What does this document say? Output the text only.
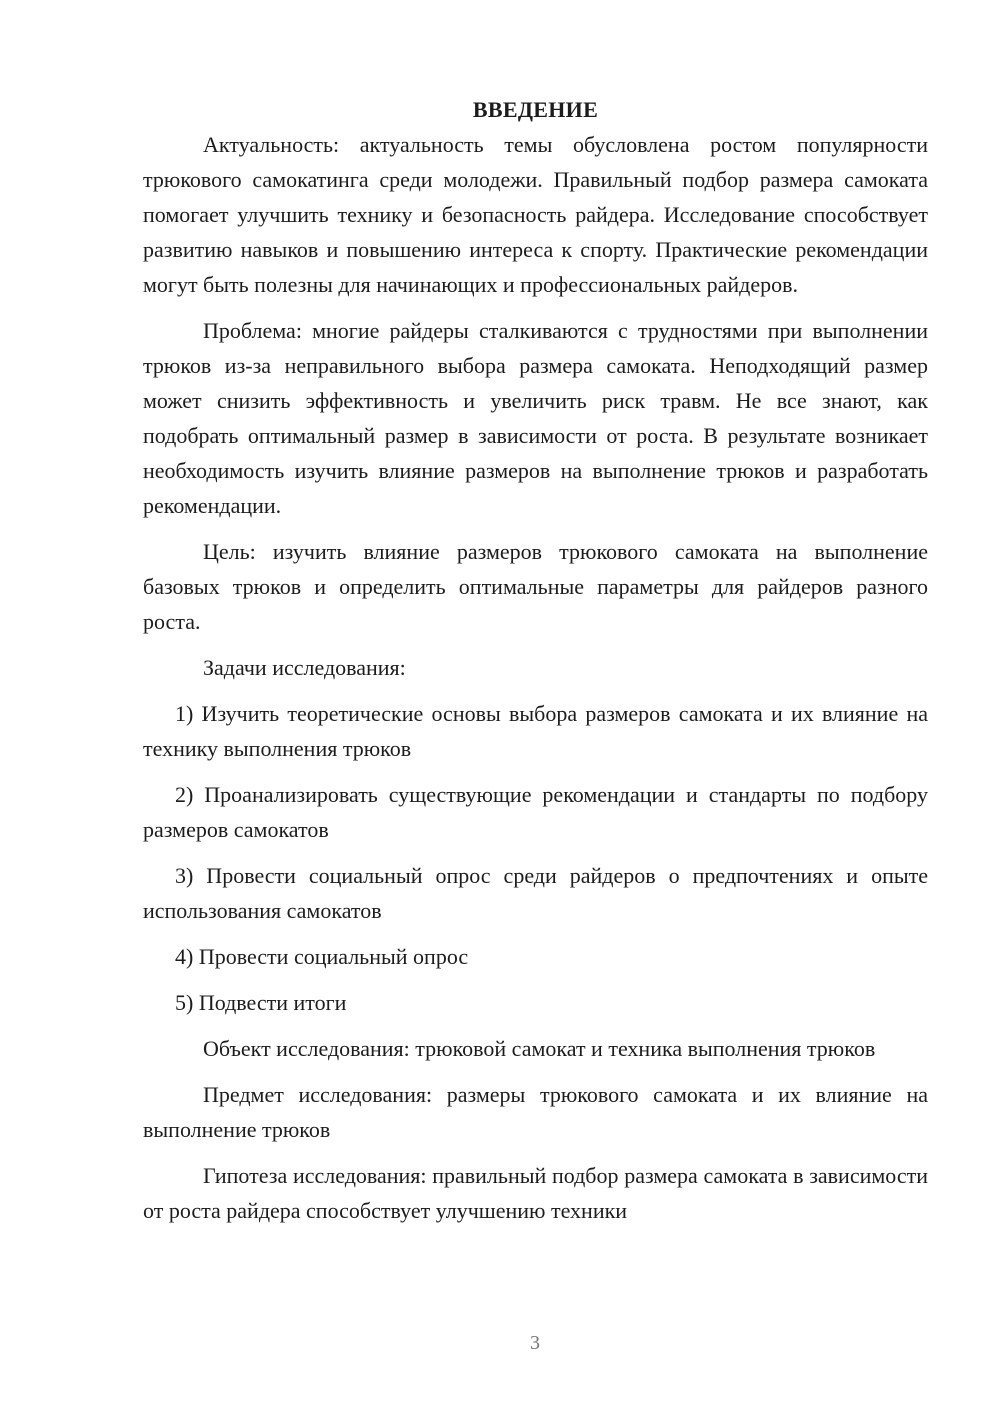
ВВЕДЕНИЕ

Актуальность: актуальность темы обусловлена ростом популярности трюкового самокатинга среди молодежи. Правильный подбор размера самоката помогает улучшить технику и безопасность райдера. Исследование способствует развитию навыков и повышению интереса к спорту. Практические рекомендации могут быть полезны для начинающих и профессиональных райдеров.

Проблема: многие райдеры сталкиваются с трудностями при выполнении трюков из-за неправильного выбора размера самоката. Неподходящий размер может снизить эффективность и увеличить риск травм. Не все знают, как подобрать оптимальный размер в зависимости от роста. В результате возникает необходимость изучить влияние размеров на выполнение трюков и разработать рекомендации.

Цель: изучить влияние размеров трюкового самоката на выполнение базовых трюков и определить оптимальные параметры для райдеров разного роста.

Задачи исследования:

1) Изучить теоретические основы выбора размеров самоката и их влияние на технику выполнения трюков

2) Проанализировать существующие рекомендации и стандарты по подбору размеров самокатов

3) Провести социальный опрос среди райдеров о предпочтениях и опыте использования самокатов

4) Провести социальный опрос

5) Подвести итоги

Объект исследования: трюковой самокат и техника выполнения трюков

Предмет исследования: размеры трюкового самоката и их влияние на выполнение трюков

Гипотеза исследования: правильный подбор размера самоката в зависимости от роста райдера способствует улучшению техники

3
